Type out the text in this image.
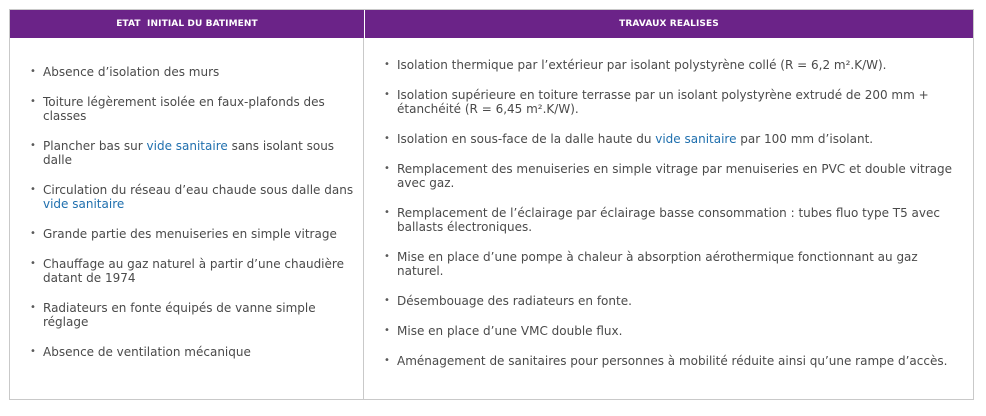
ETAT  INITIAL DU BATIMENT	TRAVAUX REALISES
• Absence d’isolation des murs
• Toiture légèrement isolée en faux-plafonds des classes
• Plancher bas sur vide sanitaire sans isolant sous dalle
• Circulation du réseau d’eau chaude sous dalle dans vide sanitaire
• Grande partie des menuiseries en simple vitrage
• Chauffage au gaz naturel à partir d’une chaudière datant de 1974
• Radiateurs en fonte équipés de vanne simple réglage
• Absence de ventilation mécanique
• Isolation thermique par l’extérieur par isolant polystyrène collé (R = 6,2 m².K/W).
• Isolation supérieure en toiture terrasse par un isolant polystyrène extrudé de 200 mm + étanchéité (R = 6,45 m².K/W).
• Isolation en sous-face de la dalle haute du vide sanitaire par 100 mm d’isolant.
• Remplacement des menuiseries en simple vitrage par menuiseries en PVC et double vitrage avec gaz.
• Remplacement de l’éclairage par éclairage basse consommation : tubes fluo type T5 avec ballasts électroniques.
• Mise en place d’une pompe à chaleur à absorption aérothermique fonctionnant au gaz naturel.
• Désembouage des radiateurs en fonte.
• Mise en place d’une VMC double flux.
• Aménagement de sanitaires pour personnes à mobilité réduite ainsi qu’une rampe d’accès.
